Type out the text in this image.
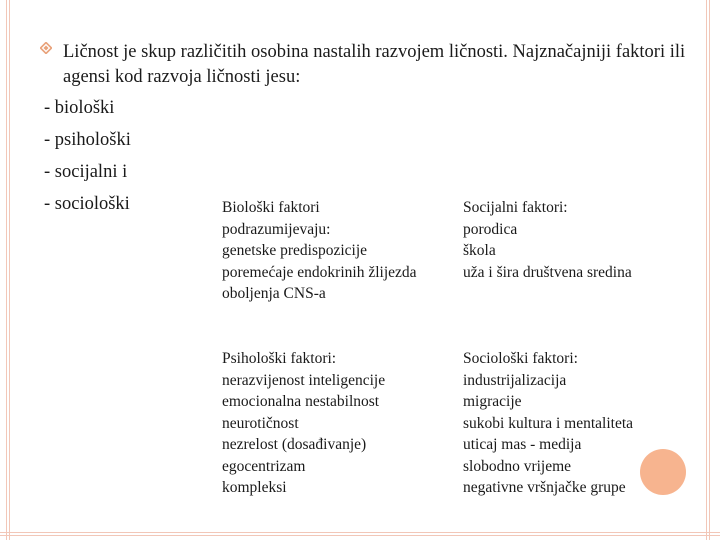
Ličnost je skup različitih osobina nastalih razvojem ličnosti. Najznačajniji faktori ili agensi kod razvoja ličnosti jesu:
- biološki
- psihološki
- socijalni i
- sociološki	Biološki faktori
podrazumijevaju:
genetske predispozicije
poremećaje endokrinih žlijezda
oboljenja CNS-a
Socijalni faktori:
porodica
škola
uža i šira društvena sredina
Psihološki faktori:
nerazvijenost inteligencije
emocionalna nestabilnost
neurotičnost
nezrelost (dosađivanje)
egocentrizam
kompleksi
Sociološki faktori:
industrijalizacija
migracije
sukobi kultura i mentaliteta
uticaj mas - medija
slobodno vrijeme
negativne vršnjačke grupe
